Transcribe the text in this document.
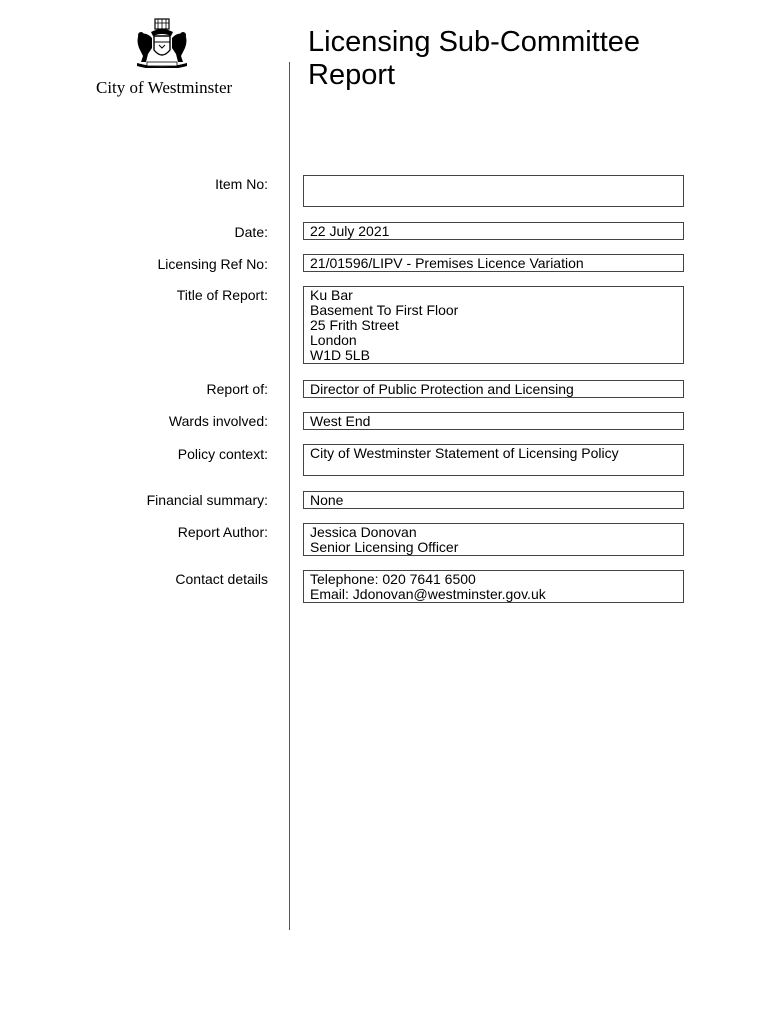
City of Westminster
Licensing Sub-Committee
Report
Item No:
Date:	22 July 2021
Licensing Ref No:	21/01596/LIPV - Premises Licence Variation
Title of Report:	Ku Bar
Basement To First Floor
25 Frith Street
London
W1D 5LB
Report of:	Director of Public Protection and Licensing
Wards involved:	West End
Policy context:	City of Westminster Statement of Licensing Policy
Financial summary:	None
Report Author:	Jessica Donovan
Senior Licensing Officer
Contact details	Telephone: 020 7641 6500
Email: Jdonovan@westminster.gov.uk
